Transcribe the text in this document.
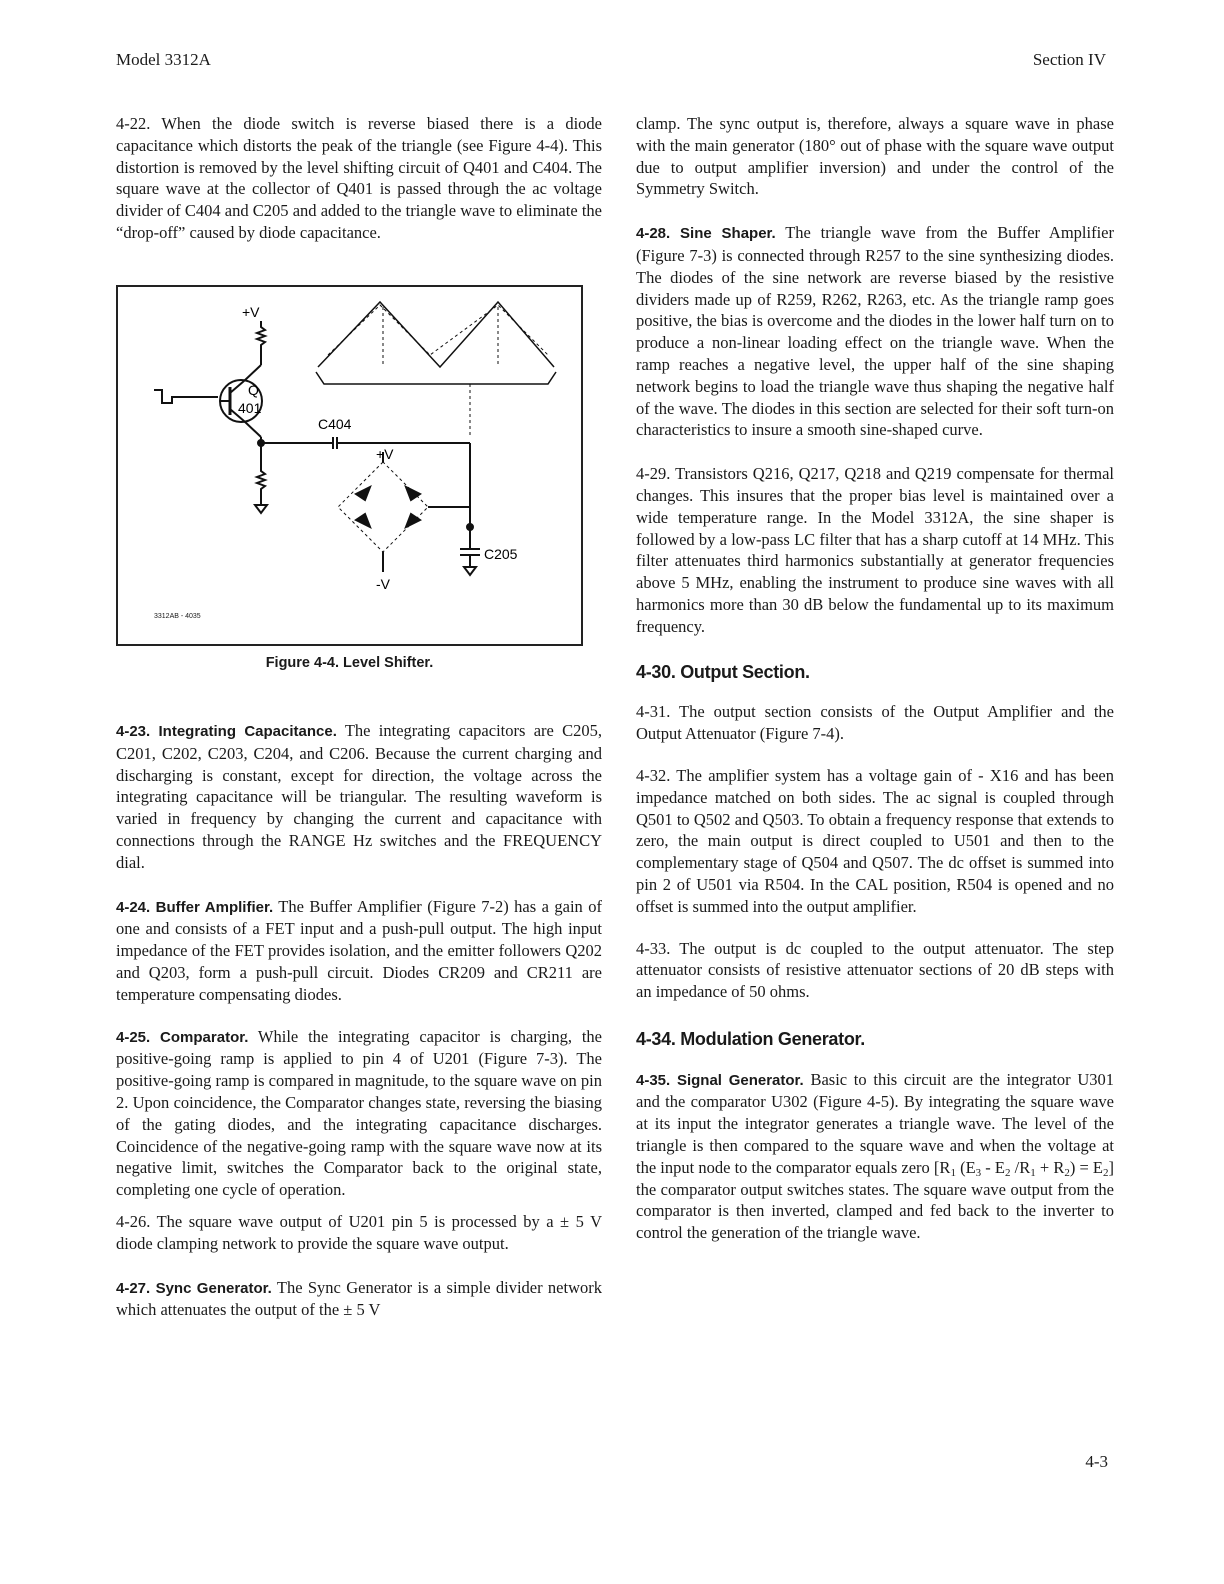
Model 3312A	Section IV

4-22. When the diode switch is reverse biased there is a diode capacitance which distorts the peak of the triangle (see Figure 4-4). This distortion is removed by the level shifting circuit of Q401 and C404. The square wave at the collector of Q401 is passed through the ac voltage divider of C404 and C205 and added to the triangle wave to eliminate the “drop-off” caused by diode capacitance.

+V
Q
401
C404
+V
C205
-V
3312AB - 4035
Figure 4-4. Level Shifter.

4-23. Integrating Capacitance. The integrating capacitors are C205, C201, C202, C203, C204, and C206. Because the current charging and discharging is constant, except for direction, the voltage across the integrating capacitance will be triangular. The resulting waveform is varied in frequency by changing the current and capacitance with connections through the RANGE Hz switches and the FREQUENCY dial.

4-24. Buffer Amplifier. The Buffer Amplifier (Figure 7-2) has a gain of one and consists of a FET input and a push-pull output. The high input impedance of the FET provides isolation, and the emitter followers Q202 and Q203, form a push-pull circuit. Diodes CR209 and CR211 are temperature compensating diodes.

4-25. Comparator. While the integrating capacitor is charging, the positive-going ramp is applied to pin 4 of U201 (Figure 7-3). The positive-going ramp is compared in magnitude, to the square wave on pin 2. Upon coincidence, the Comparator changes state, reversing the biasing of the gating diodes, and the integrating capacitance discharges. Coincidence of the negative-going ramp with the square wave now at its negative limit, switches the Comparator back to the original state, completing one cycle of operation.

4-26. The square wave output of U201 pin 5 is processed by a ± 5 V diode clamping network to provide the square wave output.

4-27. Sync Generator. The Sync Generator is a simple divider network which attenuates the output of the ± 5 V

clamp. The sync output is, therefore, always a square wave in phase with the main generator (180° out of phase with the square wave output due to output amplifier inversion) and under the control of the Symmetry Switch.

4-28. Sine Shaper. The triangle wave from the Buffer Amplifier (Figure 7-3) is connected through R257 to the sine synthesizing diodes. The diodes of the sine network are reverse biased by the resistive dividers made up of R259, R262, R263, etc. As the triangle ramp goes positive, the bias is overcome and the diodes in the lower half turn on to produce a non-linear loading effect on the triangle wave. When the ramp reaches a negative level, the upper half of the sine shaping network begins to load the triangle wave thus shaping the negative half of the wave. The diodes in this section are selected for their soft turn-on characteristics to insure a smooth sine-shaped curve.

4-29. Transistors Q216, Q217, Q218 and Q219 compensate for thermal changes. This insures that the proper bias level is maintained over a wide temperature range. In the Model 3312A, the sine shaper is followed by a low-pass LC filter that has a sharp cutoff at 14 MHz. This filter attenuates third harmonics substantially at generator frequencies above 5 MHz, enabling the instrument to produce sine waves with all harmonics more than 30 dB below the fundamental up to its maximum frequency.

4-30. Output Section.

4-31. The output section consists of the Output Amplifier and the Output Attenuator (Figure 7-4).

4-32. The amplifier system has a voltage gain of - X16 and has been impedance matched on both sides. The ac signal is coupled through Q501 to Q502 and Q503. To obtain a frequency response that extends to zero, the main output is direct coupled to U501 and then to the complementary stage of Q504 and Q507. The dc offset is summed into pin 2 of U501 via R504. In the CAL position, R504 is opened and no offset is summed into the output amplifier.

4-33. The output is dc coupled to the output attenuator. The step attenuator consists of resistive attenuator sections of 20 dB steps with an impedance of 50 ohms.

4-34. Modulation Generator.

4-35. Signal Generator. Basic to this circuit are the integrator U301 and the comparator U302 (Figure 4-5). By integrating the square wave at its input the integrator generates a triangle wave. The level of the triangle is then compared to the square wave and when the voltage at the input node to the comparator equals zero [$R_1$ ($E_3 - E_2$ $/R_1 + R_2) = E_2$] the comparator output switches states. The square wave output from the comparator is then inverted, clamped and fed back to the inverter to control the generation of the triangle wave.

4-3
